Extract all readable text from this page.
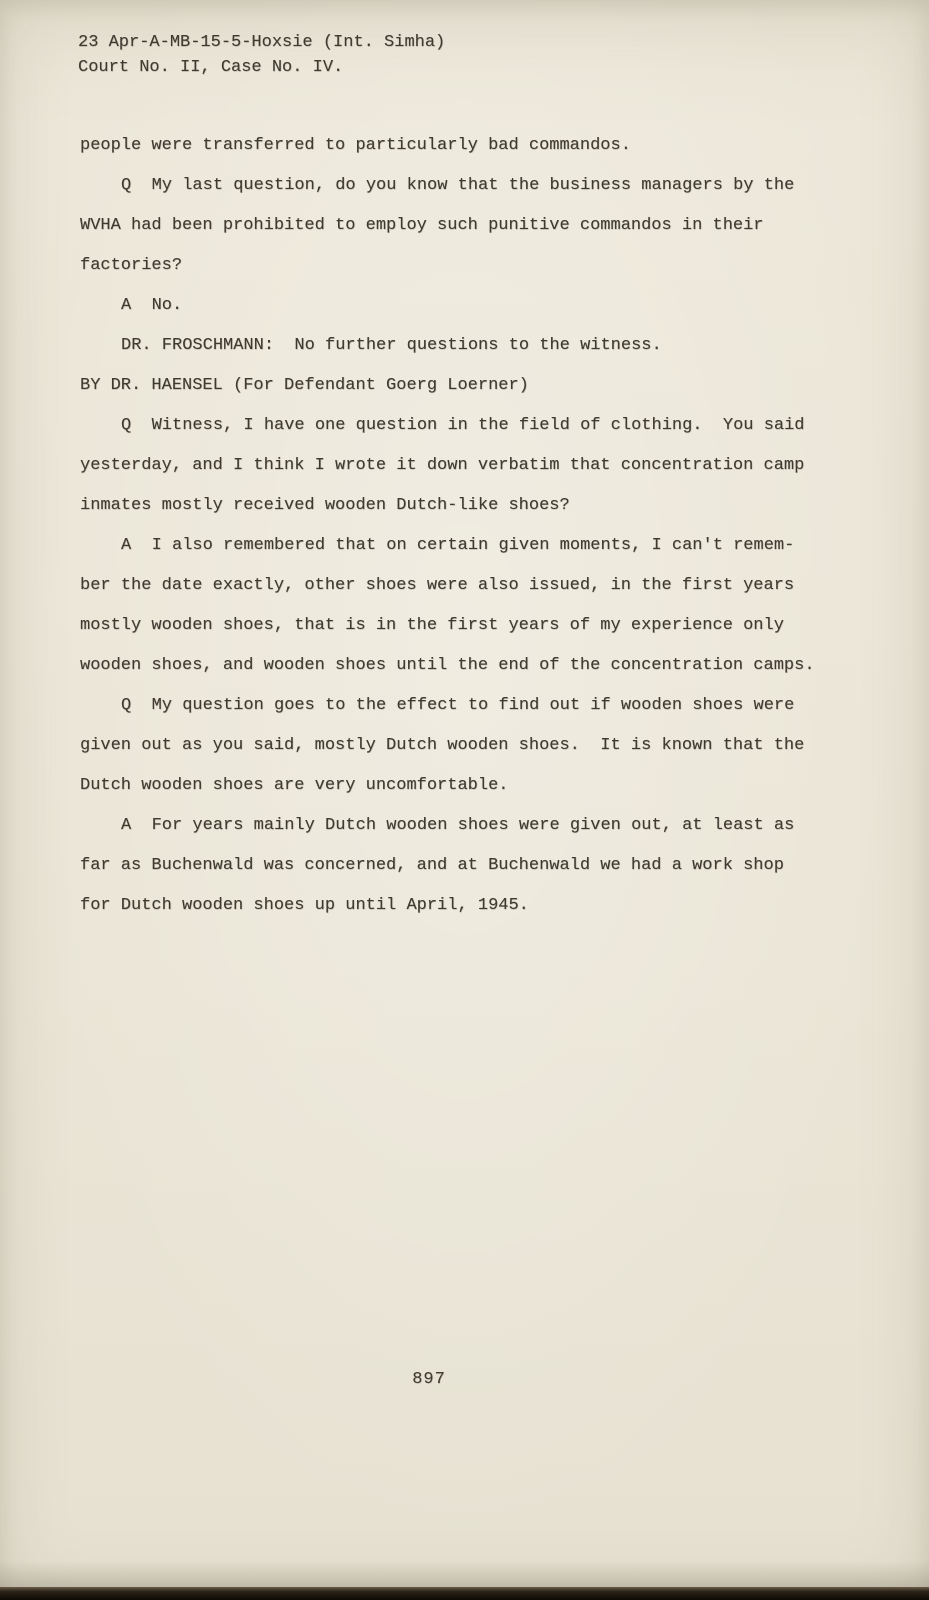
23 Apr-A-MB-15-5-Hoxsie (Int. Simha)
Court No. II, Case No. IV.
people were transferred to particularly bad commandos.
Q  My last question, do you know that the business managers by the
WVHA had been prohibited to employ such punitive commandos in their
factories?
A  No.
DR. FROSCHMANN:  No further questions to the witness.
BY DR. HAENSEL (For Defendant Goerg Loerner)
Q  Witness, I have one question in the field of clothing.  You said
yesterday, and I think I wrote it down verbatim that concentration camp
inmates mostly received wooden Dutch-like shoes?
A  I also remembered that on certain given moments, I can't remem-
ber the date exactly, other shoes were also issued, in the first years
mostly wooden shoes, that is in the first years of my experience only
wooden shoes, and wooden shoes until the end of the concentration camps.
Q  My question goes to the effect to find out if wooden shoes were
given out as you said, mostly Dutch wooden shoes.  It is known that the
Dutch wooden shoes are very uncomfortable.
A  For years mainly Dutch wooden shoes were given out, at least as
far as Buchenwald was concerned, and at Buchenwald we had a work shop
for Dutch wooden shoes up until April, 1945.
897
